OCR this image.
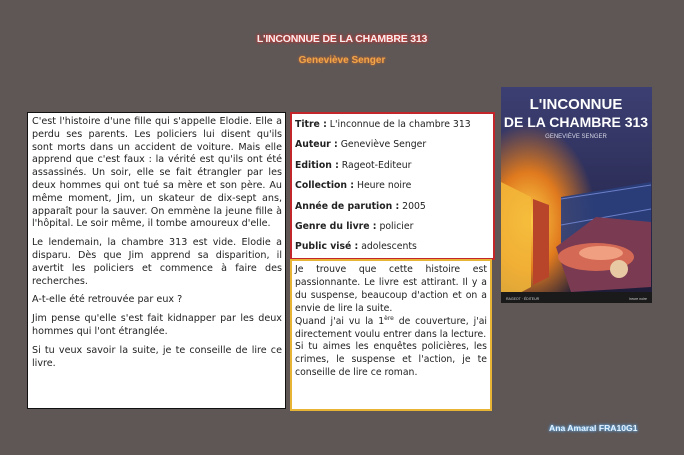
L'INCONNUE DE LA CHAMBRE 313
Geneviève Senger

C'est l'histoire d'une fille qui s'appelle Elodie. Elle a perdu ses parents. Les policiers lui disent qu'ils sont morts dans un accident de voiture. Mais elle apprend que c'est faux : la vérité est qu'ils ont été assassinés. Un soir, elle se fait étrangler par les deux hommes qui ont tué sa mère et son père. Au même moment, Jim, un skateur de dix-sept ans, apparaît pour la sauver. On emmène la jeune fille à l'hôpital. Le soir même, il tombe amoureux d'elle.

Le lendemain, la chambre 313 est vide. Elodie a disparu. Dès que Jim apprend sa disparition, il avertit les policiers et commence à faire des recherches.

A-t-elle été retrouvée par eux ?

Jim pense qu'elle s'est fait kidnapper par les deux hommes qui l'ont étranglée.

Si tu veux savoir la suite, je te conseille de lire ce livre.

Titre : L'inconnue de la chambre 313
Auteur : Geneviève Senger
Edition : Rageot-Editeur
Collection : Heure noire
Année de parution : 2005
Genre du livre : policier
Public visé : adolescents

Je trouve que cette histoire est passionnante. Le livre est attirant. Il y a du suspense, beaucoup d'action et on a envie de lire la suite.

Quand j'ai vu la 1ère de couverture, j'ai directement voulu entrer dans la lecture.

Si tu aimes les enquêtes policières, les crimes, le suspense et l'action, je te conseille de lire ce roman.

L'INCONNUE
DE LA CHAMBRE 313
GENEVIÈVE SENGER
RAGEOT · ÉDITEUR	heure noire
Ana Amaral FRA10G1
